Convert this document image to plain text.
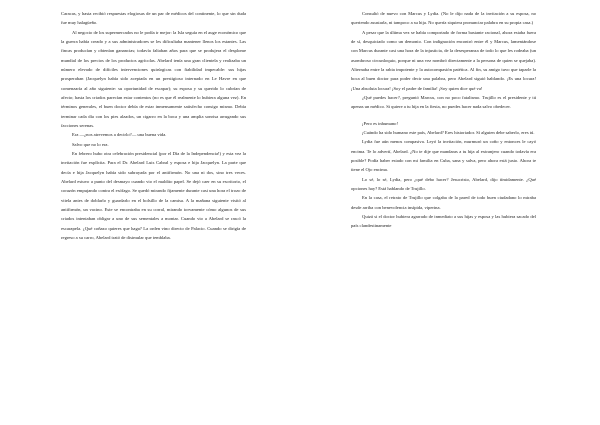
Caracas, y hasta recibió respuestas elogiosas de un par de médicos del continente, lo que sin duda fue muy halagüeño.

Al negocio de los supermercados no le podía ir mejor: la Isla seguía en el auge económico que la guerra había creado y a sus administradores se les dificultaba mantener llenos los estantes. Las fincas producían y obtenían ganancias; todavía faltaban años para que se produjera el desplome mundial de los precios de los productos agrícolas. Abelard tenía una gran clientela y realizaba un número elevado de difíciles intervenciones quirúrgicas con fiabilidad impecable: sus hijas prosperaban (Jacquelyn había sido aceptada en un prestigioso internado en Le Havre en que comenzaría al año siguiente: su oportunidad de escapar); su esposa y su querido lo cubrían de afecto; hasta los criados parecían estar contentos (no es que él realmente lo hubiera alguna vez). En términos generales, el buen doctor debía de estar inmensamente satisfecho consigo mismo. Debía terminar cada día con los pies alzados, un cigarro en la boca y una amplia sonrisa arrugando sus facciones serenas.

Era —¿nos atrevemos a decirlo?— una buena vida.

Salvo que no lo era.

En febrero hubo otra celebración presidencial (por el Día de la Independencia!) y esta vez la invitación fue explícita. Para el Dr. Abelard Luis Cabral y esposa e hija Jacquelyn. La parte que decía e hija Jacquelyn había sido subrayada por el antifirmón. No una ni dos, sino tres veces. Abelard estuvo a punto del desmayo cuando vio el maldito papel. Se dejó caer en su escritorio, el corazón empujando contra el esófago. Se quedó mirando fijamente durante casi una hora el trozo de vitela antes de doblarlo y guardarlo en el bolsillo de la camisa. A la mañana siguiente visitó al antifirmón, un vacino. Este se encontraba en su corral, mirando torvamente cómo algunos de sus criados intentaban obligar a uno de sus sementales a montar. Cuando vio a Abelard se rascó la escarapela. ¿Qué coñazo quieres que haga? La orden vino directo de Palacio. Cuando se dirigía de regreso a su carro, Abelard trató de disimular que temblaba.

Consultó de nuevo con Marcus y Lydia. (No le dijo nada de la invitación a su esposa, no queriendo asustarla, ni tampoco a su hija. No quería siquiera pronunciar palabra en su propia casa.)

A pesar que la última vez se había comportado de forma bastante racional, ahora estaba fuera de sí, desquiciado como un demonio. Con indignación encontró entre él y Marcus, lamentándose con Marcus durante casi una hora de la injusticia, de la desesperanza de todo lo que les rodeaba (un asombroso circunloquio, porque ni una vez nombró directamente a la persona de quien se quejaba). Alternaba entre la rabia impotente y la autocompasión patética. Al fin, su amigo tuvo que taparle la boca al buen doctor para poder decir una palabra, pero Abelard siguió hablando. ¡Es una locura! ¡Una absoluta locura! ¡Soy el padre de familia! ¡Soy quien dice qué va!

¿Qué puedes hacer?, preguntó Marcus, con no poco fatalismo. Trujillo es el presidente y tú apenas un médico. Si quiere a tu hija en la fiesta, no puedes hacer nada salvo obedecer.

¡Pero es inhumano!

¡Cuándo ha sido humano este país, Abelard? Eres historiador. Sí alguien debe saberlo, eres tú.

Lydia fue aún menos compasiva. Leyó la invitación, murmuró un coño y entonces le cayó encima. Te lo advertí, Abelard. ¿No te dije que mandaras a tu hija al extranjero cuando todavía era posible? Podía haber estado con mi familia en Cuba, sana y salva, pero ahora está justo. Ahora te tiene el Ojo encima.

Lo sé, lo sé, Lydia, pero ¿qué debo hacer? Jesucristo, Abelard, dijo tímidamente. ¿Qué opciones hay? Está hablando de Trujillo.

En la casa, el retrato de Trujillo que colgaba de la pared de todo buen ciudadano lo miraba desde arriba con benevolencia insípida, viperina.

Quizá si el doctor hubiera agarrado de inmediato a sus hijas y esposa y las hubiera sacado del país clandestinamente
